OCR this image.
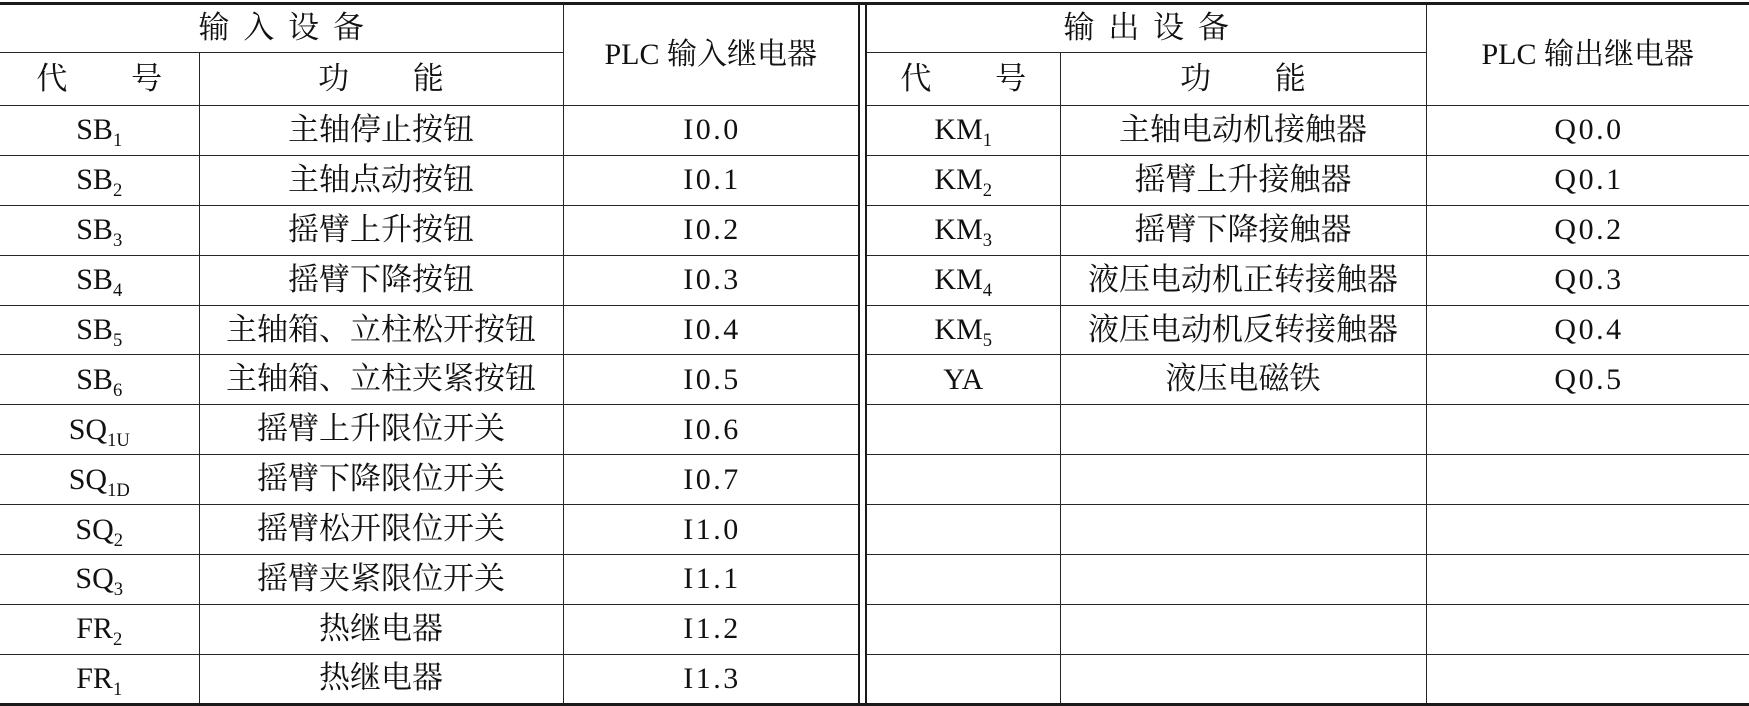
输 入 设 备		PLC 输入继电器		输 出 设 备		PLC 输出继电器
代 号	功 能			代 号	功 能	
$SB_1$	主轴停止按钮	I0.0		$KM_1$	主轴电动机接触器	Q0.0
$SB_2$	主轴点动按钮	I0.1		$KM_2$	摇臂上升接触器	Q0.1
$SB_3$	摇臂上升按钮	I0.2		$KM_3$	摇臂下降接触器	Q0.2
$SB_4$	摇臂下降按钮	I0.3		$KM_4$	液压电动机正转接触器	Q0.3
$SB_5$	主轴箱、立柱松开按钮	I0.4		$KM_5$	液压电动机反转接触器	Q0.4
$SB_6$	主轴箱、立柱夹紧按钮	I0.5		YA	液压电磁铁	Q0.5
$SQ_{1U}$	摇臂上升限位开关	I0.6				
$SQ_{1D}$	摇臂下降限位开关	I0.7				
$SQ_2$	摇臂松开限位开关	I1.0				
$SQ_3$	摇臂夹紧限位开关	I1.1				
$FR_2$	热继电器	I1.2				
$FR_1$	热继电器	I1.3				
